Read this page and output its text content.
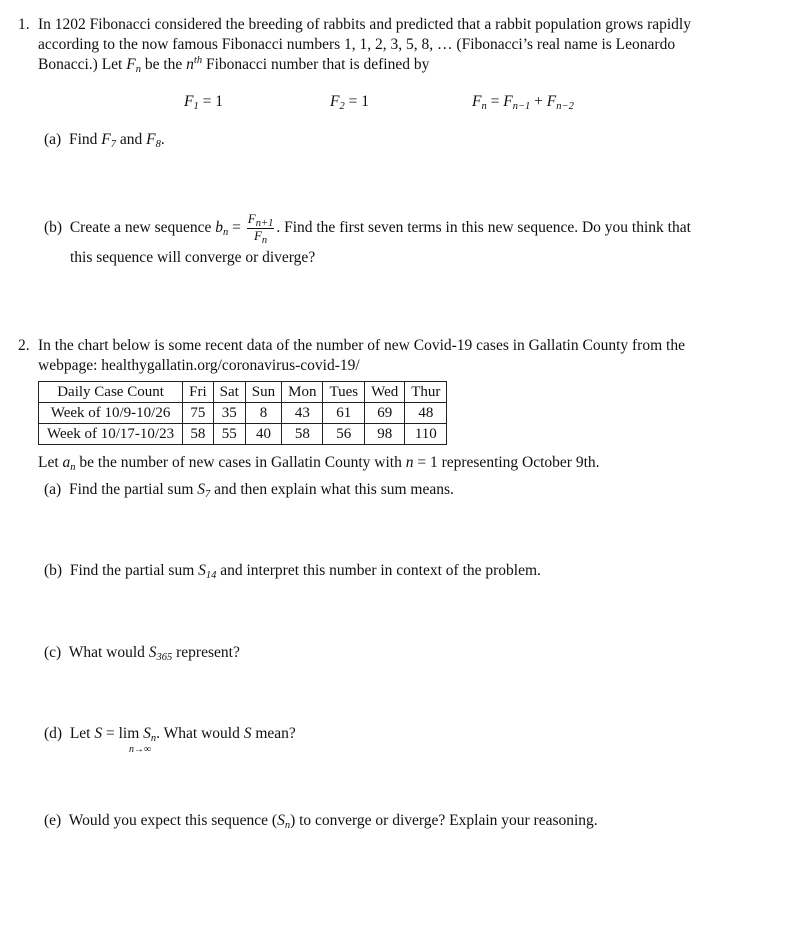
1. In 1202 Fibonacci considered the breeding of rabbits and predicted that a rabbit population grows rapidly
according to the now famous Fibonacci numbers 1, 1, 2, 3, 5, 8, … (Fibonacci’s real name is Leonardo
Bonacci.) Let Fn be the $n^{th}$ Fibonacci number that is defined by
F1 = 1	F2 = 1	Fn = Fn−1 + Fn−2
(a) Find F7 and F8.
(b) Create a new sequence bn = $\frac{F_{n+1}}{F_n}$ . Find the first seven terms in this new sequence. Do you think that
this sequence will converge or diverge?
2. In the chart below is some recent data of the number of new Covid-19 cases in Gallatin County from the
webpage: healthygallatin.org/coronavirus-covid-19/
Daily Case Count	Fri	Sat	Sun	Mon	Tues	Wed	Thur
Week of 10/9-10/26	75	35	8	43	61	69	48
Week of 10/17-10/23	58	55	40	58	56	98	110
Let an be the number of new cases in Gallatin County with n = 1 representing October 9th.
(a) Find the partial sum S7 and then explain what this sum means.
(b) Find the partial sum S14 and interpret this number in context of the problem.
(c) What would S365 represent?
(d) Let S = lim Sn. What would S mean?
n→∞
(e) Would you expect this sequence (Sn) to converge or diverge? Explain your reasoning.
